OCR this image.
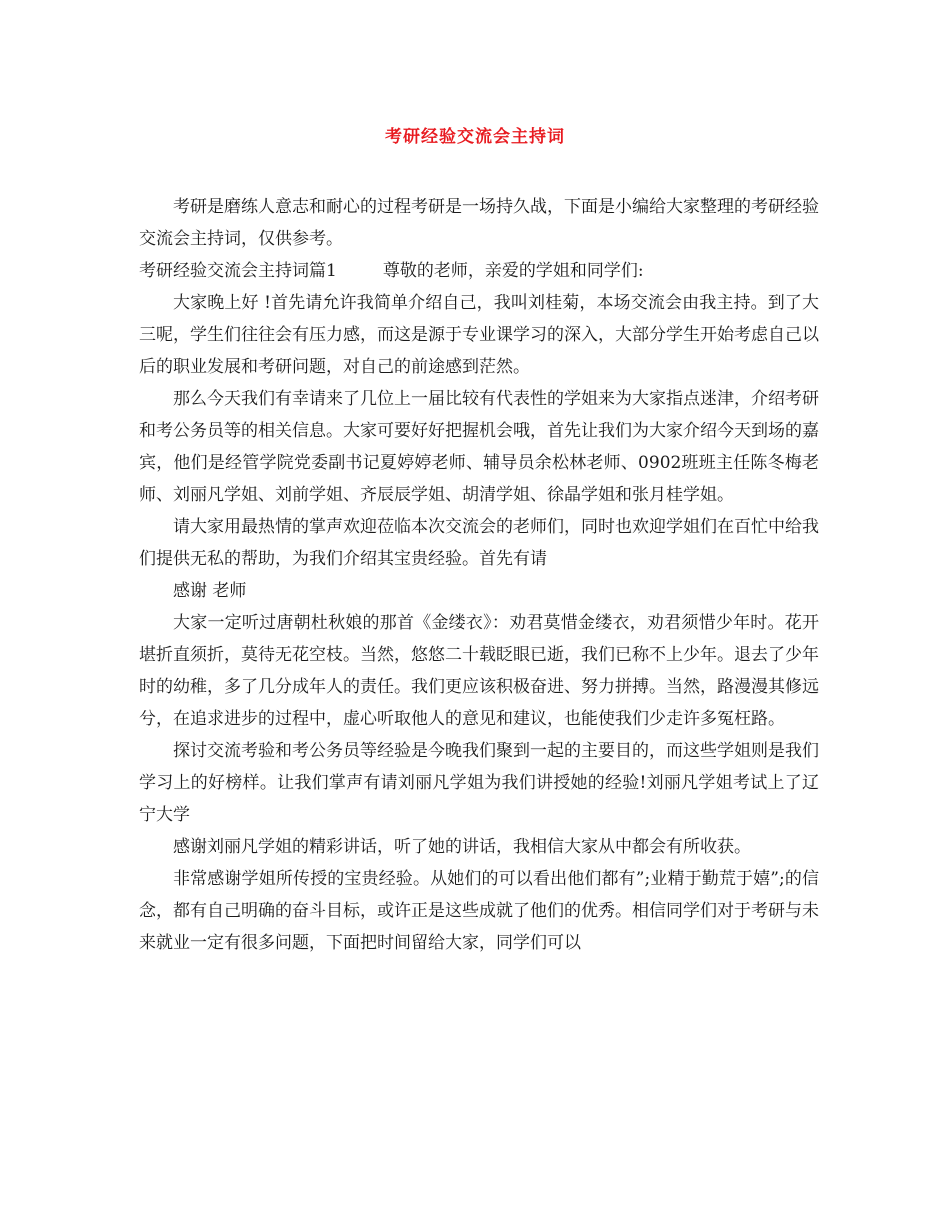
考研经验交流会主持词

考研是磨练人意志和耐心的过程考研是一场持久战，下面是小编给大家整理的考研经验交流会主持词，仅供参考。

考研经验交流会主持词篇1	尊敬的老师，亲爱的学姐和同学们:

大家晚上好 !首先请允许我简单介绍自己，我叫刘桂菊，本场交流会由我主持。到了大三呢，学生们往往会有压力感，而这是源于专业课学习的深入，大部分学生开始考虑自己以后的职业发展和考研问题，对自己的前途感到茫然。

那么今天我们有幸请来了几位上一届比较有代表性的学姐来为大家指点迷津，介绍考研和考公务员等的相关信息。大家可要好好把握机会哦，首先让我们为大家介绍今天到场的嘉宾，他们是经管学院党委副书记夏婷婷老师、辅导员余松林老师、0902班班主任陈冬梅老师、刘丽凡学姐、刘前学姐、齐辰辰学姐、胡清学姐、徐晶学姐和张月桂学姐。

请大家用最热情的掌声欢迎莅临本次交流会的老师们，同时也欢迎学姐们在百忙中给我们提供无私的帮助，为我们介绍其宝贵经验。首先有请

感谢 老师

大家一定听过唐朝杜秋娘的那首《金缕衣》：劝君莫惜金缕衣，劝君须惜少年时。花开堪折直须折，莫待无花空枝。当然，悠悠二十载眨眼已逝，我们已称不上少年。退去了少年时的幼稚，多了几分成年人的责任。我们更应该积极奋进、努力拼搏。当然，路漫漫其修远兮，在追求进步的过程中，虚心听取他人的意见和建议，也能使我们少走许多冤枉路。

探讨交流考验和考公务员等经验是今晚我们聚到一起的主要目的，而这些学姐则是我们学习上的好榜样。让我们掌声有请刘丽凡学姐为我们讲授她的经验!刘丽凡学姐考试上了辽宁大学

感谢刘丽凡学姐的精彩讲话，听了她的讲话，我相信大家从中都会有所收获。

非常感谢学姐所传授的宝贵经验。从她们的可以看出他们都有”;业精于勤荒于嬉”;的信念，都有自己明确的奋斗目标，或许正是这些成就了他们的优秀。相信同学们对于考研与未来就业一定有很多问题，下面把时间留给大家，同学们可以
